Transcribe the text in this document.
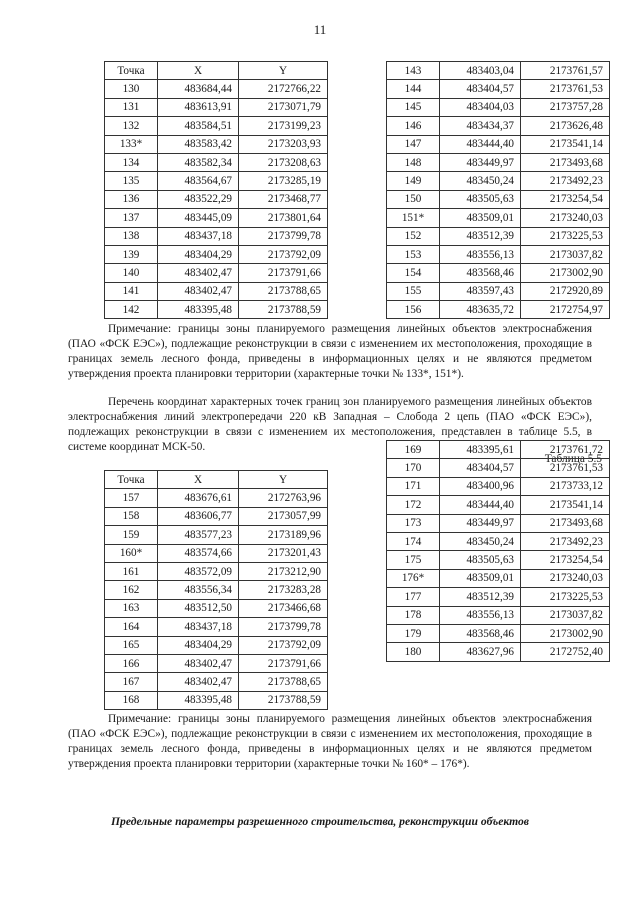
11
Точка	X	Y
130	483684,44	2172766,22
131	483613,91	2173071,79
132	483584,51	2173199,23
133*	483583,42	2173203,93
134	483582,34	2173208,63
135	483564,67	2173285,19
136	483522,29	2173468,77
137	483445,09	2173801,64
138	483437,18	2173799,78
139	483404,29	2173792,09
140	483402,47	2173791,66
141	483402,47	2173788,65
142	483395,48	2173788,59
143	483403,04	2173761,57
144	483404,57	2173761,53
145	483404,03	2173757,28
146	483434,37	2173626,48
147	483444,40	2173541,14
148	483449,97	2173493,68
149	483450,24	2173492,23
150	483505,63	2173254,54
151*	483509,01	2173240,03
152	483512,39	2173225,53
153	483556,13	2173037,82
154	483568,46	2173002,90
155	483597,43	2172920,89
156	483635,72	2172754,97

Примечание: границы зоны планируемого размещения линейных объектов электроснабжения (ПАО «ФСК ЕЭС»), подлежащие реконструкции в связи с изменением их местоположения, проходящие в границах земель лесного фонда, приведены в информационных целях и не являются предметом утверждения проекта планировки территории (характерные точки № 133*, 151*).

Перечень координат характерных точек границ зон планируемого размещения линейных объектов электроснабжения линий электропередачи 220 кВ Западная – Слобода 2 цепь (ПАО «ФСК ЕЭС»), подлежащих реконструкции в связи с изменением их местоположения, представлен в таблице 5.5, в системе координат МСК-50.

Таблица 5.5
Точка	X	Y
157	483676,61	2172763,96
158	483606,77	2173057,99
159	483577,23	2173189,96
160*	483574,66	2173201,43
161	483572,09	2173212,90
162	483556,34	2173283,28
163	483512,50	2173466,68
164	483437,18	2173799,78
165	483404,29	2173792,09
166	483402,47	2173791,66
167	483402,47	2173788,65
168	483395,48	2173788,59
169	483395,61	2173761,72
170	483404,57	2173761,53
171	483400,96	2173733,12
172	483444,40	2173541,14
173	483449,97	2173493,68
174	483450,24	2173492,23
175	483505,63	2173254,54
176*	483509,01	2173240,03
177	483512,39	2173225,53
178	483556,13	2173037,82
179	483568,46	2173002,90
180	483627,96	2172752,40

Примечание: границы зоны планируемого размещения линейных объектов электроснабжения (ПАО «ФСК ЕЭС»), подлежащие реконструкции в связи с изменением их местоположения, проходящие в границах земель лесного фонда, приведены в информационных целях и не являются предметом утверждения проекта планировки территории (характерные точки № 160* – 176*).

Предельные параметры разрешенного строительства, реконструкции объектов
